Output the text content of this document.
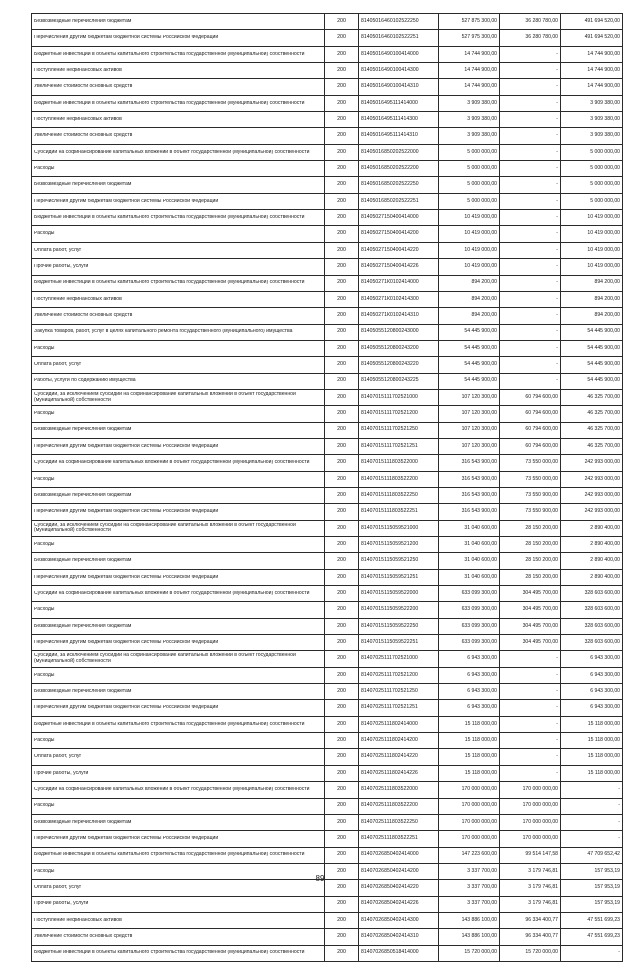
Безвозмездные перечисления бюджетам	200	81405016460102522250	527 875 300,00	36 280 780,00	491 694 520,00

Перечисления другим бюджетам бюджетной системы Российской Федерации	200	81405016460102522251	527 975 300,00	36 280 780,00	491 694 520,00

Бюджетные инвестиции в объекты капитального строительства государственной (муниципальной) собственности	200	81405016490100414000	14 744 900,00	-	14 744 900,00

Поступление нефинансовых активов	200	81405016490100414300	14 744 900,00	-	14 744 900,00

Увеличение стоимости основных средств	200	81405016490100414310	14 744 900,00	-	14 744 900,00

Бюджетные инвестиции в объекты капитального строительства государственной (муниципальной) собственности	200	81405016495111414000	3 909 380,00	-	3 909 380,00

Поступление нефинансовых активов	200	81405016495111414300	3 909 380,00	-	3 909 380,00

Увеличение стоимости основных средств	200	81405016495111414310	3 909 380,00	-	3 909 380,00

Субсидии на софинансирование капитальных вложений в объект государственной (муниципальной) собственности	200	81405016850202522000	5 000 000,00	-	5 000 000,00

Расходы	200	81405016850202522200	5 000 000,00	-	5 000 000,00

Безвозмездные перечисления бюджетам	200	81405016850202522250	5 000 000,00	-	5 000 000,00

Перечисления другим бюджетам бюджетной системы Российской Федерации	200	81405016850202522251	5 000 000,00	-	5 000 000,00

Бюджетные инвестиции в объекты капитального строительства государственной (муниципальной) собственности	200	81405027150400414000	10 419 000,00	-	10 419 000,00

Расходы	200	81405027150400414200	10 419 000,00	-	10 419 000,00

Оплата работ, услуг	200	81405027150400414220	10 419 000,00	-	10 419 000,00

Прочие работы, услуги	200	81405027150400414226	10 419 000,00	-	10 419 000,00

Бюджетные инвестиции в объекты капитального строительства государственной (муниципальной) собственности	200	814050271К0102414000	894 200,00	-	894 200,00

Поступление нефинансовых активов	200	814050271К0102414300	894 200,00	-	894 200,00

Увеличение стоимости основных средств	200	814050271К0102414310	894 200,00	-	894 200,00

Закупка товаров, работ, услуг в целях капитального ремонта государственного (муниципального) имущества	200	81405055120800243000	54 445 900,00	-	54 445 900,00

Расходы	200	81405055120800243200	54 445 900,00	-	54 445 900,00

Оплата работ, услуг	200	81405055120800243220	54 445 900,00	-	54 445 900,00

Работы, услуги по содержанию имущества	200	81405055120800243225	54 445 900,00	-	54 445 900,00

Субсидии, за исключением субсидий на софинансирование капитальных вложений в объект государственной (муниципальной) собственности	200	81407015111702521000	107 120 300,00	60 794 600,00	46 325 700,00

Расходы	200	81407015111702521200	107 120 300,00	60 794 600,00	46 325 700,00

Безвозмездные перечисления бюджетам	200	81407015111702521250	107 120 300,00	60 794 600,00	46 325 700,00

Перечисления другим бюджетам бюджетной системы Российской Федерации	200	81407015111702521251	107 120 300,00	60 794 600,00	46 325 700,00

Субсидии на софинансирование капитальных вложений в объект государственной (муниципальной) собственности	200	81407015111803522000	316 543 900,00	73 550 000,00	242 993 000,00

Расходы	200	81407015111803522200	316 543 900,00	73 550 000,00	242 993 000,00

Безвозмездные перечисления бюджетам	200	81407015111803522250	316 543 900,00	73 550 900,00	242 993 000,00

Перечисления другим бюджетам бюджетной системы Российской Федерации	200	81407015111803522251	316 543 900,00	73 550 900,00	242 993 000,00

Субсидии, за исключением субсидий на софинансирование капитальных вложений в объект государственной (муниципальной) собственности	200	81407015115059521000	31 040 600,00	28 150 200,00	2 890 400,00

Расходы	200	81407015115059521200	31 040 600,00	28 150 200,00	2 890 400,00

Безвозмездные перечисления бюджетам	200	81407015115059521250	31 040 600,00	28 150 200,00	2 890 400,00

Перечисления другим бюджетам бюджетной системы Российской Федерации	200	81407015115059521251	31 040 600,00	28 150 200,00	2 890 400,00

Субсидии на софинансирование капитальных вложений в объект государственной (муниципальной) собственности	200	81407015115059522000	633 099 300,00	304 495 700,00	328 603 600,00

Расходы	200	81407015115059522200	633 099 300,00	304 495 700,00	328 603 600,00

Безвозмездные перечисления бюджетам	200	81407015115059522250	633 099 300,00	304 495 700,00	328 603 600,00

Перечисления другим бюджетам бюджетной системы Российской Федерации	200	81407015115059522251	633 099 300,00	304 495 700,00	328 603 600,00

Субсидии, за исключением субсидий на софинансирование капитальных вложений в объект государственной (муниципальной) собственности	200	81407025111702521000	6 943 300,00	-	6 943 300,00

Расходы	200	81407025111702521200	6 943 300,00	-	6 943 300,00

Безвозмездные перечисления бюджетам	200	81407025111702521250	6 943 300,00	-	6 943 300,00

Перечисления другим бюджетам бюджетной системы Российской Федерации	200	81407025111702521251	6 943 300,00	-	6 943 300,00

Бюджетные инвестиции в объекты капитального строительства государственной (муниципальной) собственности	200	81407025111802414000	15 118 000,00	-	15 118 000,00

Расходы	200	81407025111802414200	15 118 000,00	-	15 118 000,00

Оплата работ, услуг	200	81407025111802414220	15 118 000,00	-	15 118 000,00

Прочие работы, услуги	200	81407025111802414226	15 118 000,00	-	15 118 000,00

Субсидии на софинансирование капитальных вложений в объект государственной (муниципальной) собственности	200	81407025111803522000	170 000 000,00	170 000 000,00	-

Расходы	200	81407025111803522200	170 000 000,00	170 000 000,00	-

Безвозмездные перечисления бюджетам	200	81407025111803522250	170 000 000,00	170 000 000,00	-

Перечисления другим бюджетам бюджетной системы Российской Федерации	200	81407025111803522251	170 000 000,00	170 000 000,00	-

Бюджетные инвестиции в объекты капитального строительства государственной (муниципальной) собственности	200	81407026850402414000	147 223 600,00	99 514 147,58	47 709 652,42

Расходы	200	81407026850402414200	3 337 700,00	3 179 746,81	157 953,19

Оплата работ, услуг	200	81407026850402414220	3 337 700,00	3 179 746,81	157 953,19

Прочие работы, услуги	200	81407026850402414226	3 337 700,00	3 179 746,81	157 953,19

Поступление нефинансовых активов	200	81407026850402414300	143 886 100,00	96 334 400,77	47 551 699,23

Увеличение стоимости основных средств	200	81407026850402414310	143 886 100,00	96 334 400,77	47 551 699,23

Бюджетные инвестиции в объекты капитального строительства государственной (муниципальной) собственности	200	81407026850518414000	15 720 000,00	15 720 000,00	-
89
